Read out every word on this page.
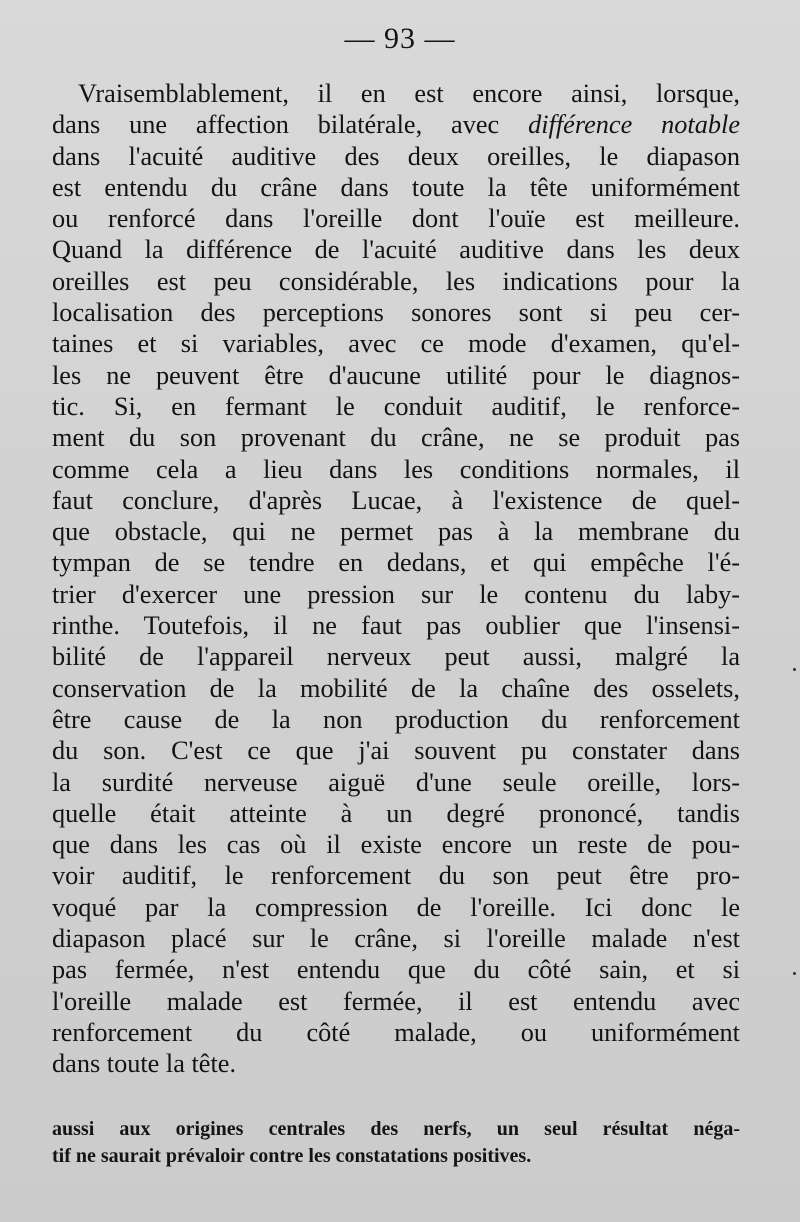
— 93 —
Vraisemblablement, il en est encore ainsi, lorsque,
dans une affection bilatérale, avec différence notable
dans l'acuité auditive des deux oreilles, le diapason
est entendu du crâne dans toute la tête uniformément
ou renforcé dans l'oreille dont l'ouïe est meilleure.
Quand la différence de l'acuité auditive dans les deux
oreilles est peu considérable, les indications pour la
localisation des perceptions sonores sont si peu cer-
taines et si variables, avec ce mode d'examen, qu'el-
les ne peuvent être d'aucune utilité pour le diagnos-
tic. Si, en fermant le conduit auditif, le renforce-
ment du son provenant du crâne, ne se produit pas
comme cela a lieu dans les conditions normales, il
faut conclure, d'après Lucae, à l'existence de quel-
que obstacle, qui ne permet pas à la membrane du
tympan de se tendre en dedans, et qui empêche l'é-
trier d'exercer une pression sur le contenu du laby-
rinthe. Toutefois, il ne faut pas oublier que l'insensi-
bilité de l'appareil nerveux peut aussi, malgré la
conservation de la mobilité de la chaîne des osselets,
être cause de la non production du renforcement
du son. C'est ce que j'ai souvent pu constater dans
la surdité nerveuse aiguë d'une seule oreille, lors-
quelle était atteinte à un degré prononcé, tandis
que dans les cas où il existe encore un reste de pou-
voir auditif, le renforcement du son peut être pro-
voqué par la compression de l'oreille. Ici donc le
diapason placé sur le crâne, si l'oreille malade n'est
pas fermée, n'est entendu que du côté sain, et si
l'oreille malade est fermée, il est entendu avec
renforcement du côté malade, ou uniformément
dans toute la tête.
aussi aux origines centrales des nerfs, un seul résultat néga-
tif ne saurait prévaloir contre les constatations positives.
